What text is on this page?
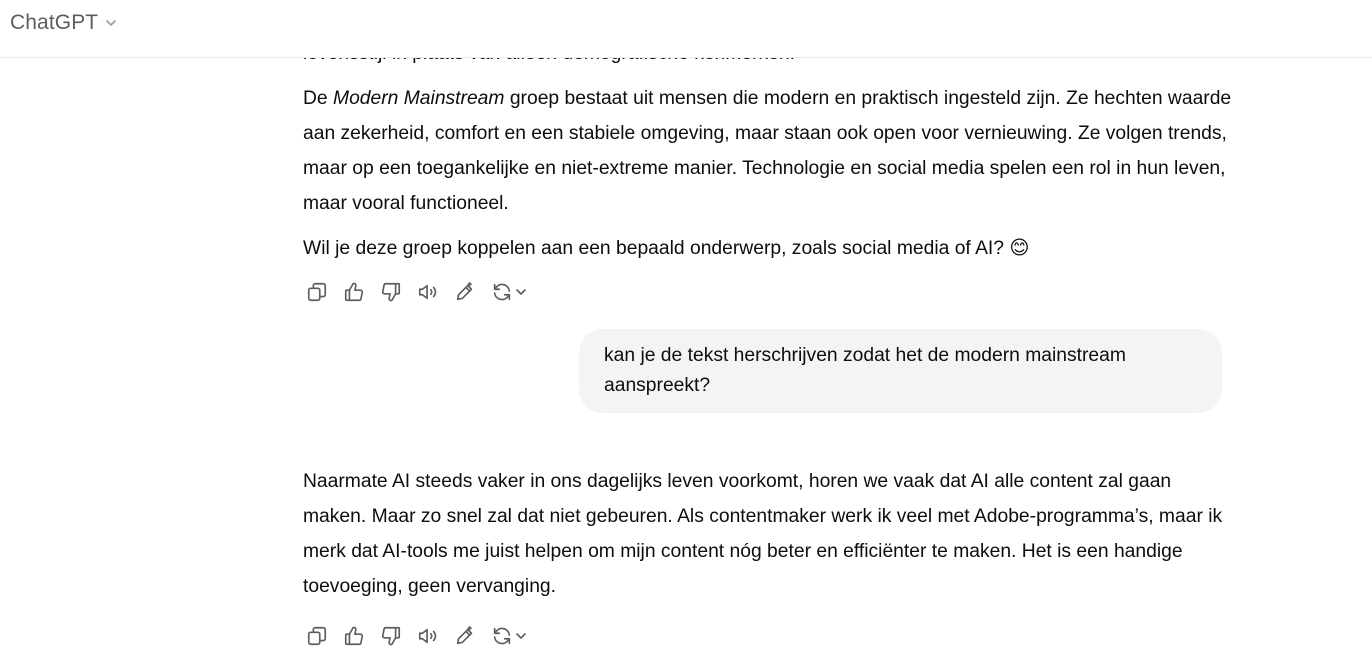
De Modern Mainstream groep bestaat uit mensen die modern en praktisch ingesteld zijn. Ze hechten waarde aan zekerheid, comfort en een stabiele omgeving, maar staan ook open voor vernieuwing. Ze volgen trends, maar op een toegankelijke en niet-extreme manier. Technologie en social media spelen een rol in hun leven, maar vooral functioneel.

Wil je deze groep koppelen aan een bepaald onderwerp, zoals social media of AI? 😊

kan je de tekst herschrijven zodat het de modern mainstream aanspreekt?

Naarmate AI steeds vaker in ons dagelijks leven voorkomt, horen we vaak dat AI alle content zal gaan maken. Maar zo snel zal dat niet gebeuren. Als contentmaker werk ik veel met Adobe-programma’s, maar ik merk dat AI-tools me juist helpen om mijn content nóg beter en efficiënter te maken. Het is een handige toevoeging, geen vervanging.

ChatGPT
